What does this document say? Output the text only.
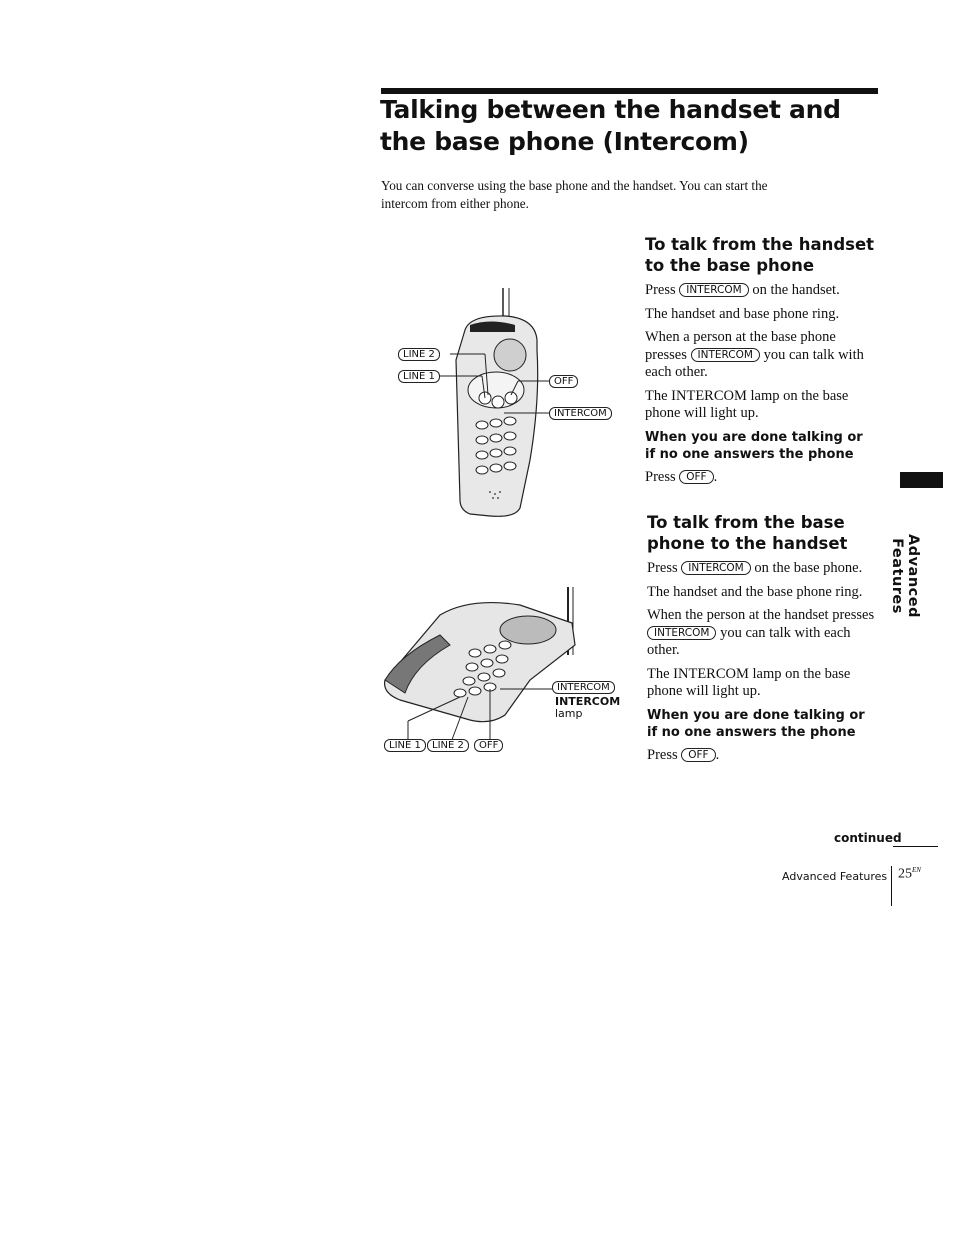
Talking between the handset and the base phone (Intercom)
You can converse using the base phone and the handset. You can start the intercom from either phone.
LINE 2
LINE 1	OFF
INTERCOM
INTERCOM
INTERCOM
lamp
LINE 1	LINE 2	OFF
To talk from the handset to the base phone

Press INTERCOM on the handset.

The handset and base phone ring.

When a person at the base phone presses INTERCOM you can talk with each other.

The INTERCOM lamp on the base phone will light up.

When you are done talking or if no one answers the phone

Press OFF .

To talk from the base phone to the handset

Press INTERCOM on the base phone.

The handset and the base phone ring.

When the person at the handset presses INTERCOM you can talk with each other.

The INTERCOM lamp on the base phone will light up.

When you are done talking or if no one answers the phone

Press OFF .

Advanced Features
continued
Advanced Features $25^{EN}$
